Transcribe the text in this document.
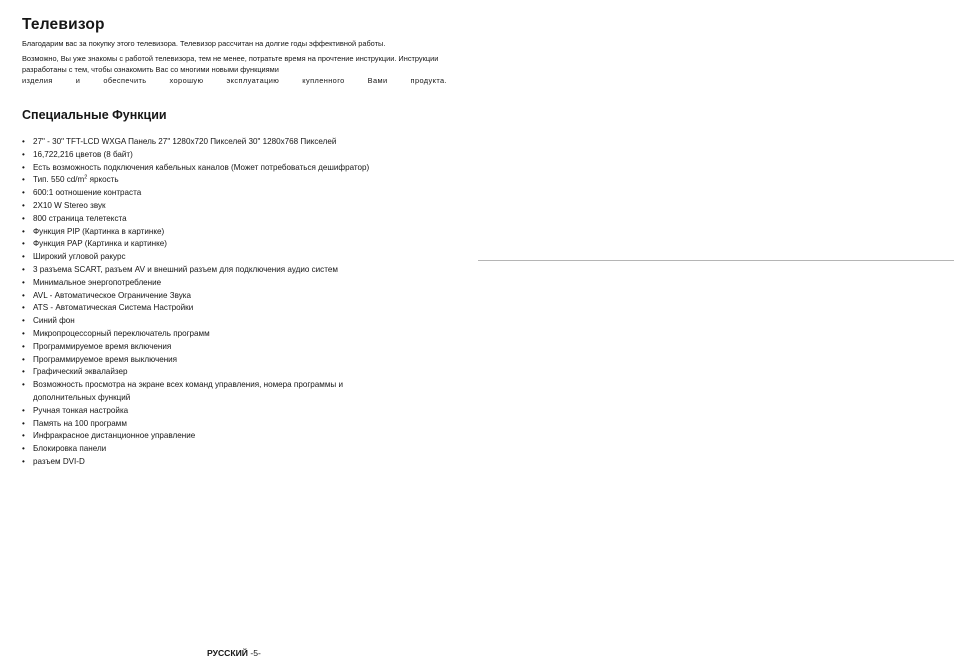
Телевизор

Благодарим вас за покупку этого телевизора. Телевизор рассчитан на долгие годы эффективной работы.

Возможно, Вы уже знакомы с работой телевизора, тем не менее, потратьте время на прочтение инструкции. Инструкции разработаны с тем, чтобы ознакомить Вас со многими новыми функциями

изделия и обеспечить хорошую эксплуатацию купленного Вами продукта.

Специальные Функции
• 27" - 30" TFT-LCD WXGA Панель 27" 1280x720 Пикселей 30" 1280x768 Пикселей
• 16,722,216 цветов (8 байт)
• Есть возможность подключения кабельных каналов (Может потребоваться дешифратор)
• Тип. 550 $cd/m^2$ яркость
• 600:1 оотношение контраста
• 2X10 W Stereo звук
• 800 страница телетекста
• Функция PIP (Картинка в картинке)
• Функция PAP (Картинка и картинке)
• Широкий угловой ракурс
• 3 разъема SCART, разъем AV и внешний разъем для подключения аудио систем
• Минимальное энергопотребление
• AVL - Автоматическое Ограничение Звука
• ATS - Автоматическая Система Настройки
• Синий фон
• Микропроцессорный переключатель программ
• Программируемое время включения
• Программируемое время выключения
• Графический эквалайзер
• Возможность просмотра на экране всех команд управления, номера программы и дополнительных функций
• Ручная тонкая настройка
• Память на 100 программ
• Инфракрасное дистанционное управление
• Блокировка панели
• разъем DVI-D
РУССКИЙ -5-
